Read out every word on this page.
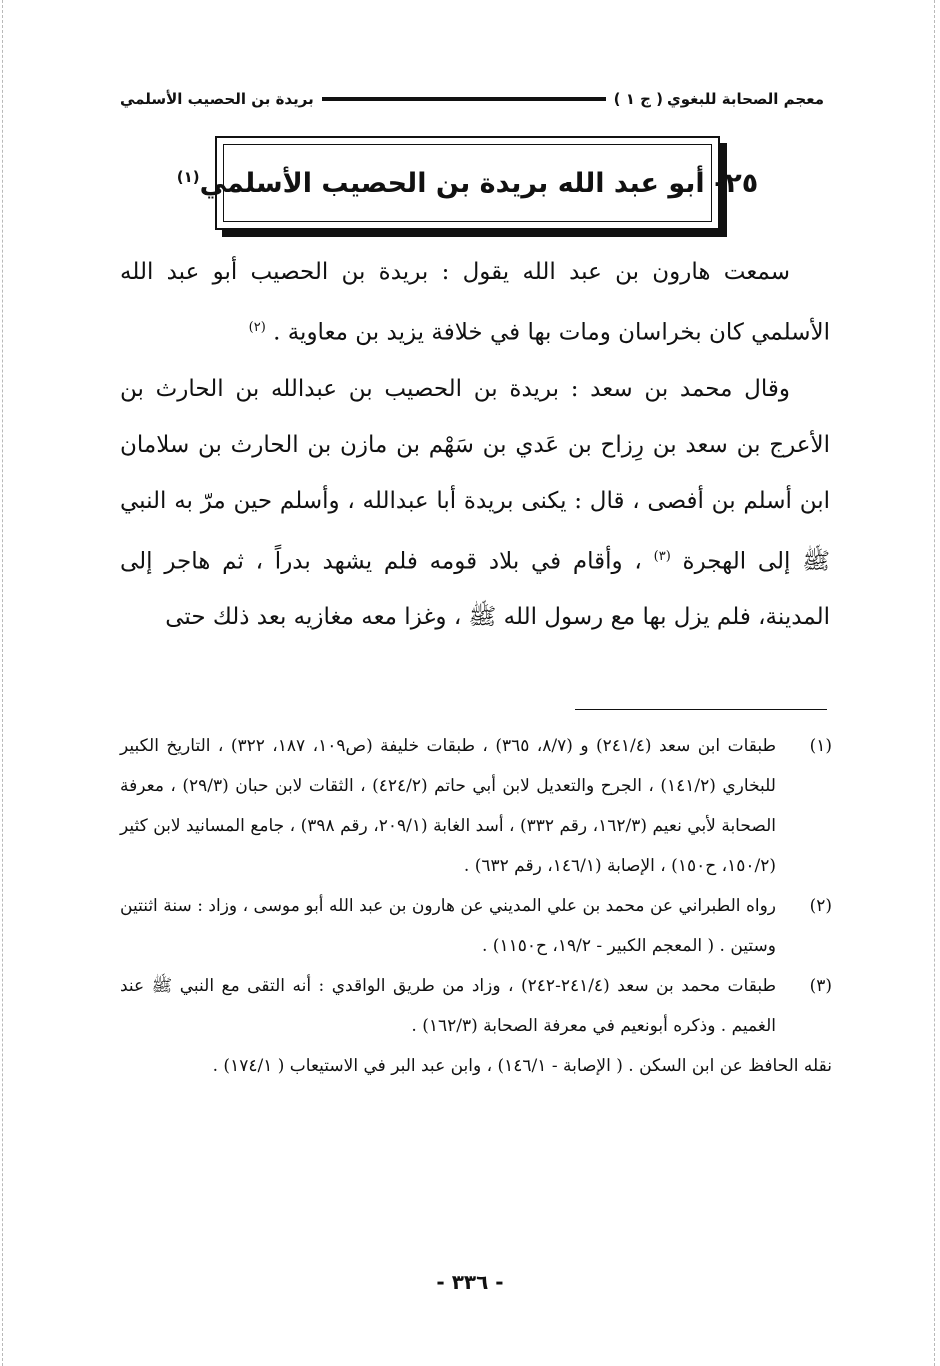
معجم الصحابة للبغوي
( ج ١ )
بريدة بن الحصيب الأسلمي
٢٥- أبو عبد الله بريدة بن الحصيب الأسلمي$^{(١)}$

سمعت هارون بن عبد الله يقول : بريدة بن الحصيب أبو عبد الله الأسلمي كان بخراسان ومات بها في خلافة يزيد بن معاوية . $^{(٢)}$

وقال محمد بن سعد : بريدة بن الحصيب بن عبدالله بن الحارث بن الأعرج بن سعد بن رِزاح بن عَدي بن سَهْم بن مازن بن الحارث بن سلامان ابن أسلم بن أفصى ، قال : يكنى بريدة أبا عبدالله ، وأسلم حين مرّ به النبي ﷺ إلى الهجرة $^{(٣)}$ ، وأقام في بلاد قومه فلم يشهد بدراً ، ثم هاجر إلى المدينة، فلم يزل بها مع رسول الله ﷺ ، وغزا معه مغازيه بعد ذلك حتى

(١)
طبقات ابن سعد (٢٤١/٤) و (٨/٧، ٣٦٥) ، طبقات خليفة (ص١٠٩، ١٨٧، ٣٢٢) ، التاريخ الكبير للبخاري (١٤١/٢) ، الجرح والتعديل لابن أبي حاتم (٤٢٤/٢) ، الثقات لابن حبان (٢٩/٣) ، معرفة الصحابة لأبي نعيم (١٦٢/٣، رقم ٣٣٢) ، أسد الغابة (٢٠٩/١، رقم ٣٩٨) ، جامع المسانيد لابن كثير (١٥٠/٢، ح١٥٠) ، الإصابة (١٤٦/١، رقم ٦٣٢) .
(٢)
رواه الطبراني عن محمد بن علي المديني عن هارون بن عبد الله أبو موسى ، وزاد : سنة اثنتين وستين . ( المعجم الكبير - ١٩/٢، ح١١٥٠) .
(٣)
طبقات محمد بن سعد (٢٤١/٤-٢٤٢) ، وزاد من طريق الواقدي : أنه التقى مع النبي ﷺ عند الغميم . وذكره أبونعيم في معرفة الصحابة (١٦٢/٣) .
نقله الحافظ عن ابن السكن . ( الإصابة - ١٤٦/١) ، وابن عبد البر في الاستيعاب ( ١٧٤/١) .
- ٣٣٦ -
